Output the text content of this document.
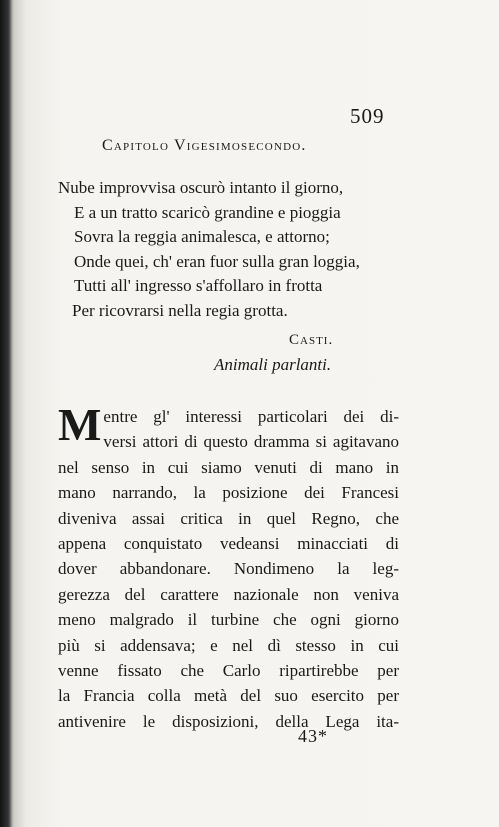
509
Capitolo Vigesimosecondo.
Nube improvvisa oscurò intanto il giorno,
E a un tratto scaricò grandine e pioggia
Sovra la reggia animalesca, e attorno;
Onde quei, ch' eran fuor sulla gran loggia,
Tutti all' ingresso s'affollaro in frotta
Per ricovrarsi nella regia grotta.
Casti.
Animali parlanti.
M entre gl' interessi particolari dei di-
versi attori di questo dramma si agitavano
nel senso in cui siamo venuti di mano in
mano narrando, la posizione dei Francesi
diveniva assai critica in quel Regno, che
appena conquistato vedeansi minacciati di
dover abbandonare. Nondimeno la leg-
gerezza del carattere nazionale non veniva
meno malgrado il turbine che ogni giorno
più si addensava; e nel dì stesso in cui
venne fissato che Carlo ripartirebbe per
la Francia colla metà del suo esercito per
antivenire le disposizioni, della Lega ita-
43*
